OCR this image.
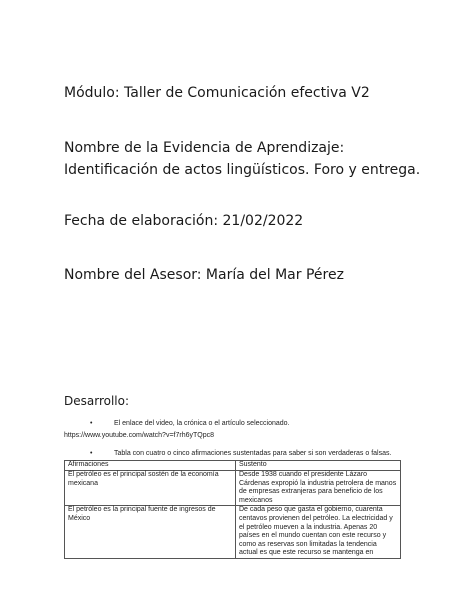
Módulo: Taller de Comunicación efectiva V2

Nombre de la Evidencia de Aprendizaje: Identificación de actos lingüísticos. Foro y entrega.

Fecha de elaboración: 21/02/2022

Nombre del Asesor: María del Mar Pérez

Desarrollo:

•	El enlace del video, la crónica o el artículo seleccionado.
https://www.youtube.com/watch?v=f7rh6yTQpc8
•	Tabla con cuatro o cinco afirmaciones sustentadas para saber si son verdaderas o falsas.
Afirmaciones	Sustento
El petróleo es el principal sostén de la economía mexicana	Desde 1938 cuando el presidente Lázaro Cárdenas expropió la industria petrolera de manos de empresas extranjeras para beneficio de los mexicanos
El petróleo es la principal fuente de ingresos de México	De cada peso que gasta el gobierno, cuarenta centavos provienen del petróleo. La electricidad y el petróleo mueven a la industria. Apenas 20 países en el mundo cuentan con este recurso y como as reservas son limitadas la tendencia actual es que este recurso se mantenga en
